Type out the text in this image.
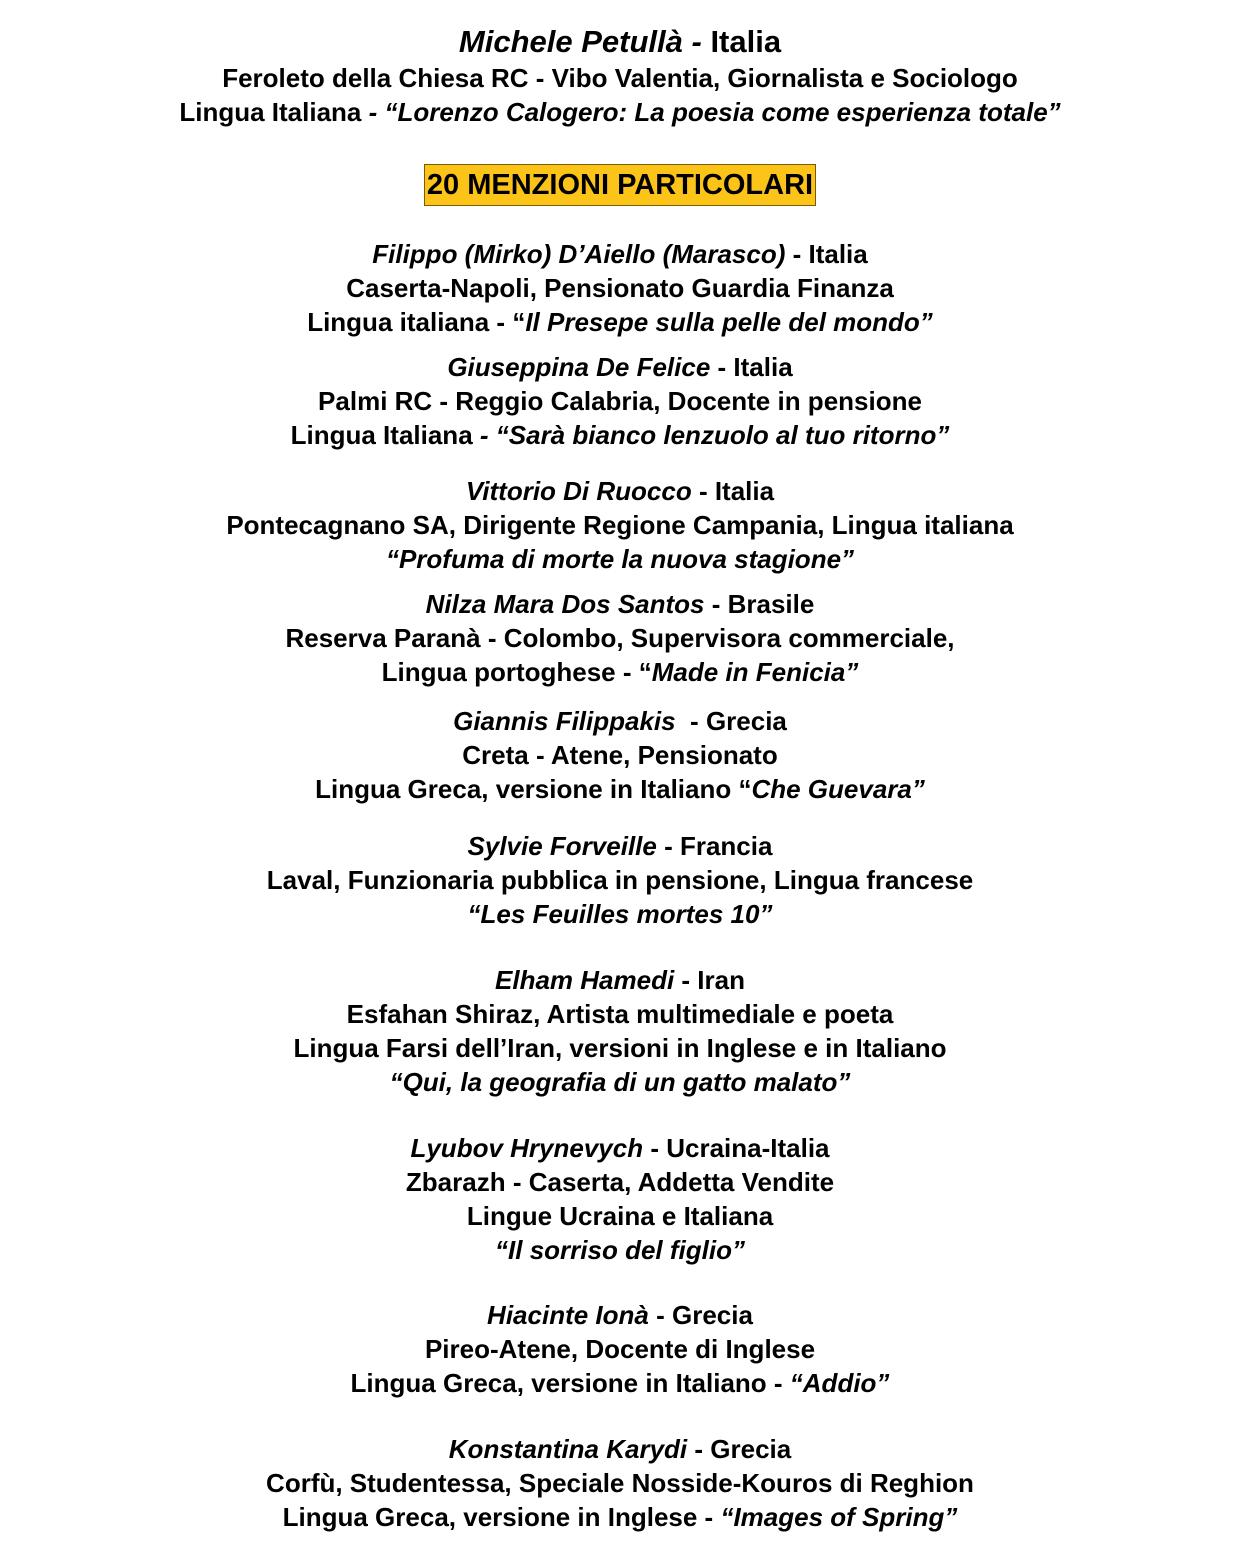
Michele Petullà - Italia
Feroleto della Chiesa RC - Vibo Valentia, Giornalista e Sociologo
Lingua Italiana - “Lorenzo Calogero: La poesia come esperienza totale”
20 MENZIONI PARTICOLARI
Filippo (Mirko) D’Aiello (Marasco) - Italia
Caserta-Napoli, Pensionato Guardia Finanza
Lingua italiana - “Il Presepe sulla pelle del mondo”
Giuseppina De Felice - Italia
Palmi RC - Reggio Calabria, Docente in pensione
Lingua Italiana - “Sarà bianco lenzuolo al tuo ritorno”
Vittorio Di Ruocco - Italia
Pontecagnano SA, Dirigente Regione Campania, Lingua italiana
“Profuma di morte la nuova stagione”
Nilza Mara Dos Santos - Brasile
Reserva Paranà - Colombo, Supervisora commerciale,
Lingua portoghese - “Made in Fenicia”
Giannis Filippakis  - Grecia
Creta - Atene, Pensionato
Lingua Greca, versione in Italiano “Che Guevara”
Sylvie Forveille - Francia
Laval, Funzionaria pubblica in pensione, Lingua francese
“Les Feuilles mortes 10”
Elham Hamedi - Iran
Esfahan Shiraz, Artista multimediale e poeta
Lingua Farsi dell’Iran, versioni in Inglese e in Italiano
“Qui, la geografia di un gatto malato”
Lyubov Hrynevych - Ucraina-Italia
Zbarazh - Caserta, Addetta Vendite
Lingue Ucraina e Italiana
“Il sorriso del figlio”
Hiacinte Ionà - Grecia
Pireo-Atene, Docente di Inglese
Lingua Greca, versione in Italiano - “Addio”
Konstantina Karydi - Grecia
Corfù, Studentessa, Speciale Nosside-Kouros di Reghion
Lingua Greca, versione in Inglese - “Images of Spring”
